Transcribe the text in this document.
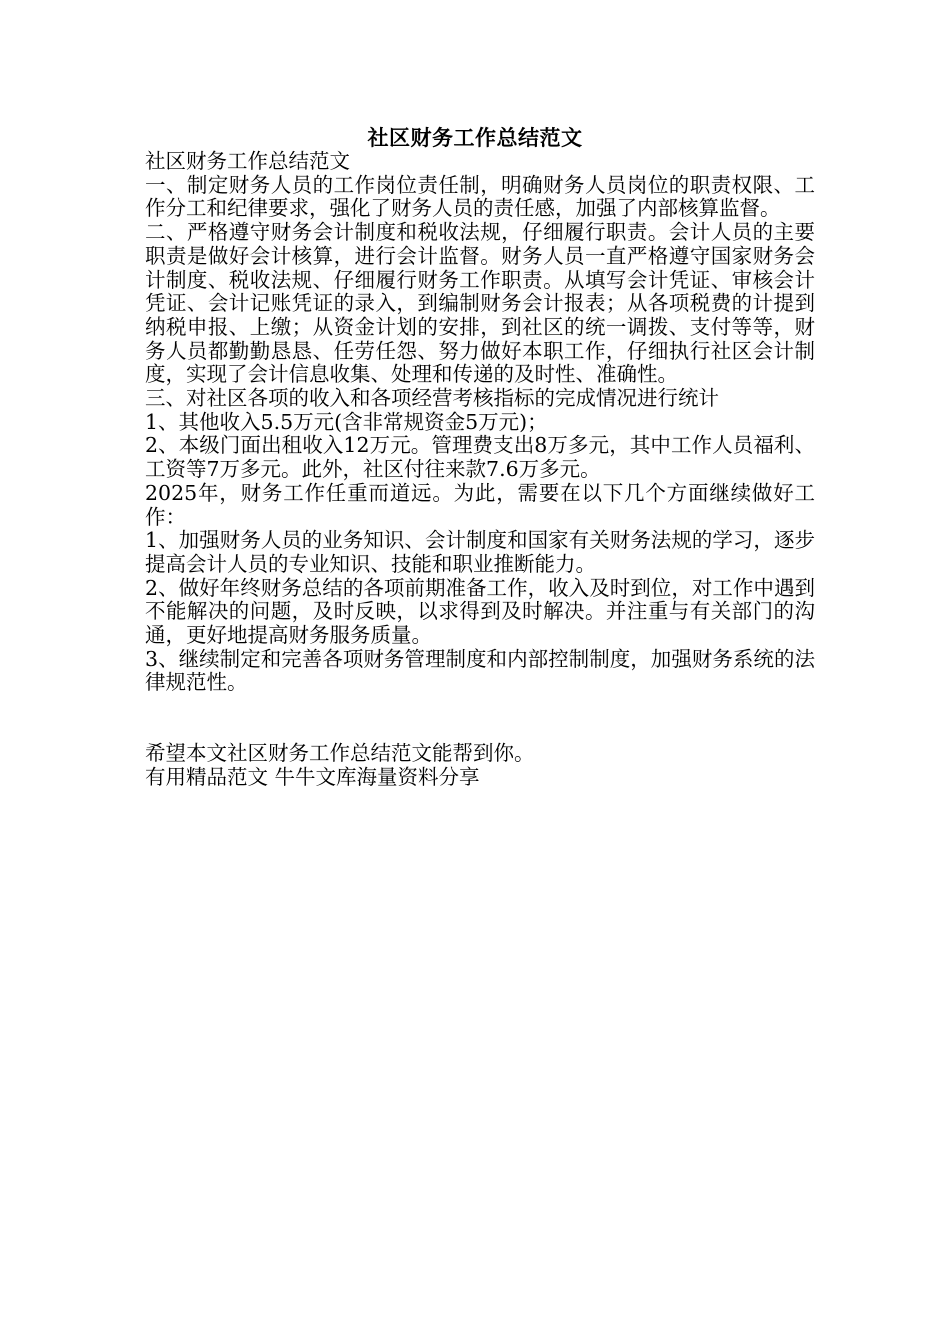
社区财务工作总结范文

社区财务工作总结范文

一、制定财务人员的工作岗位责任制，明确财务人员岗位的职责权限、工作分工和纪律要求，强化了财务人员的责任感，加强了内部核算监督。

二、严格遵守财务会计制度和税收法规，仔细履行职责。会计人员的主要职责是做好会计核算，进行会计监督。财务人员一直严格遵守国家财务会计制度、税收法规、仔细履行财务工作职责。从填写会计凭证、审核会计凭证、会计记账凭证的录入，到编制财务会计报表；从各项税费的计提到纳税申报、上缴；从资金计划的安排，到社区的统一调拨、支付等等，财务人员都勤勤恳恳、任劳任怨、努力做好本职工作，仔细执行社区会计制度，实现了会计信息收集、处理和传递的及时性、准确性。

三、对社区各项的收入和各项经营考核指标的完成情况进行统计

1、其他收入5.5万元(含非常规资金5万元)；

2、本级门面出租收入12万元。管理费支出8万多元，其中工作人员福利、工资等7万多元。此外，社区付往来款7.6万多元。

2025年，财务工作任重而道远。为此，需要在以下几个方面继续做好工作：

1、加强财务人员的业务知识、会计制度和国家有关财务法规的学习，逐步提高会计人员的专业知识、技能和职业推断能力。

2、做好年终财务总结的各项前期准备工作，收入及时到位，对工作中遇到不能解决的问题，及时反映，以求得到及时解决。并注重与有关部门的沟通，更好地提高财务服务质量。

3、继续制定和完善各项财务管理制度和内部控制制度，加强财务系统的法律规范性。

希望本文社区财务工作总结范文能帮到你。

有用精品范文 牛牛文库海量资料分享
